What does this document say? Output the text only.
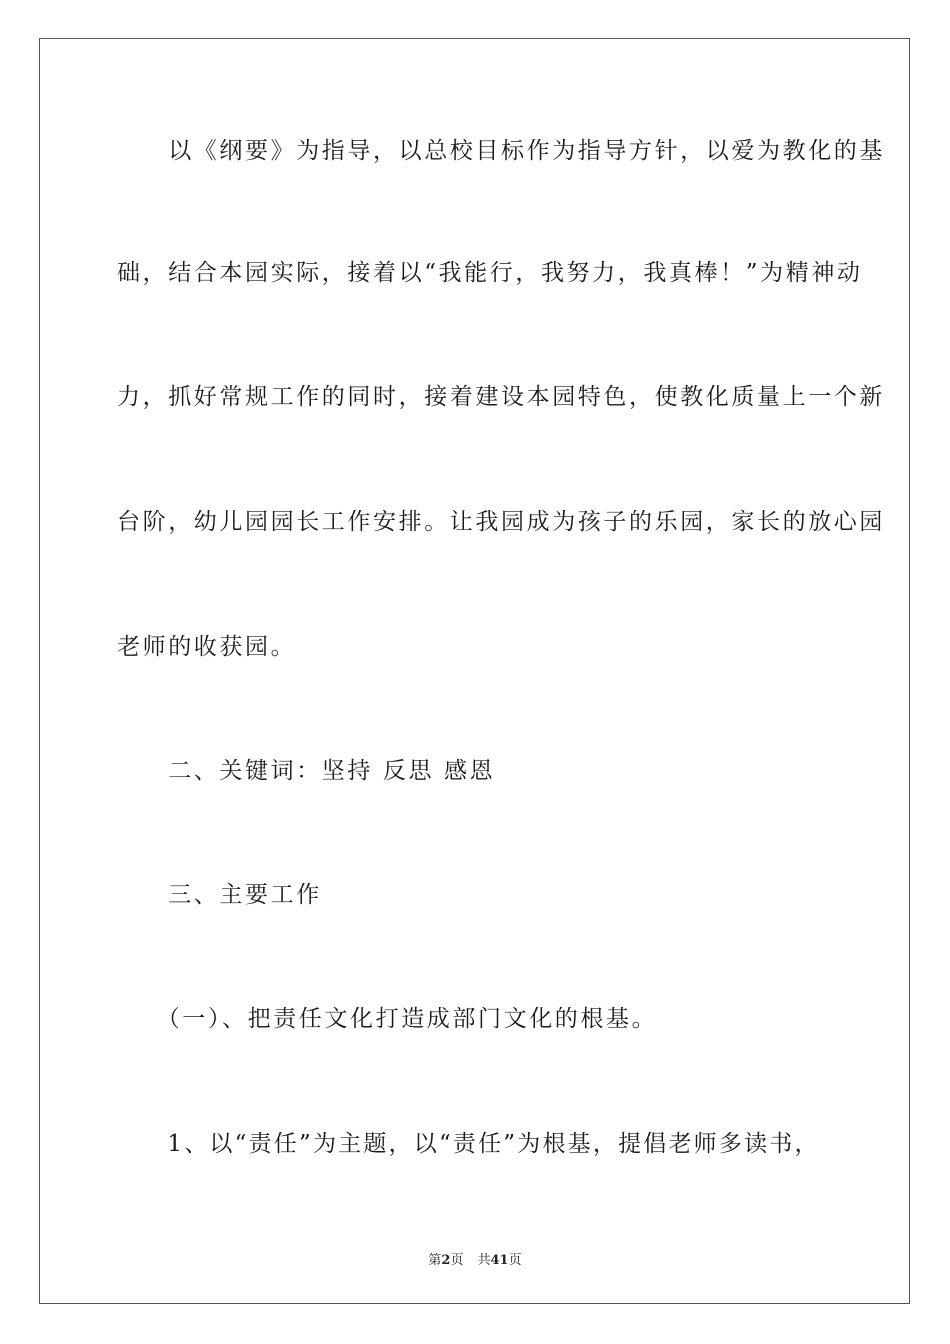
　　以《纲要》为指导，以总校目标作为指导方针，以爱为教化的基

础，结合本园实际，接着以“我能行，我努力，我真棒！”为精神动

力，抓好常规工作的同时，接着建设本园特色，使教化质量上一个新

台阶，幼儿园园长工作安排。让我园成为孩子的乐园，家长的放心园

老师的收获园。

　　二、关键词：坚持 反思 感恩

　　三、主要工作

　　（一）、把责任文化打造成部门文化的根基。

　　1、以“责任”为主题，以“责任”为根基，提倡老师多读书，

第2页 共41页
